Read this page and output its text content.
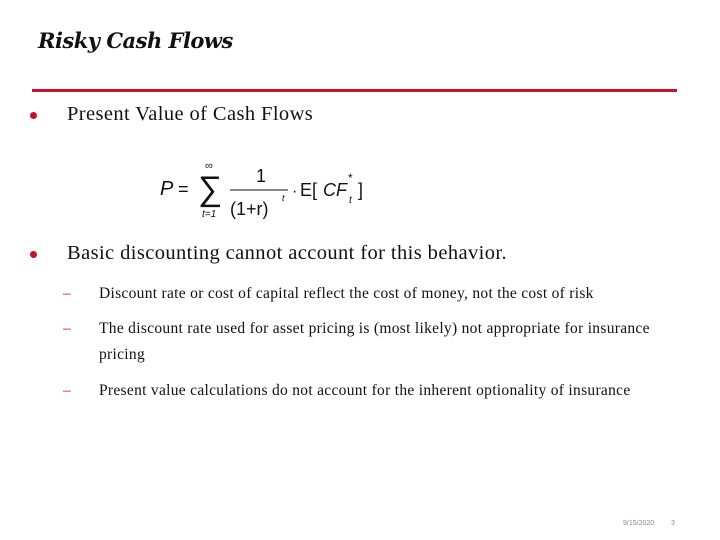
Risky Cash Flows
Present Value of Cash Flows
P =
∞
∑
t=1
1
(1+r)
t · E[ CF
*
t
]
Basic discounting cannot account for this behavior.
– Discount rate or cost of capital reflect the cost of money, not the cost of risk
– The discount rate used for asset pricing is (most likely) not appropriate for insurance pricing
– Present value calculations do not account for the inherent optionality of insurance
9/15/2020 3
